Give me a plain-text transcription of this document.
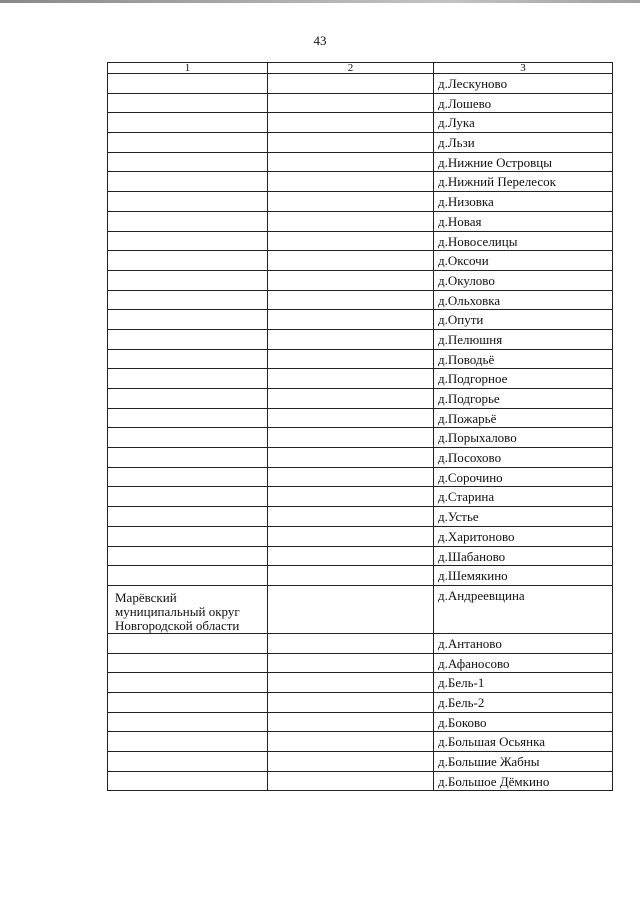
43
1	2	3
		д.Лескуново
		д.Лошево
		д.Лука
		д.Льзи
		д.Нижние Островцы
		д.Нижний Перелесок
		д.Низовка
		д.Новая
		д.Новоселицы
		д.Оксочи
		д.Окулово
		д.Ольховка
		д.Опути
		д.Пелюшня
		д.Поводьё
		д.Подгорное
		д.Подгорье
		д.Пожарьё
		д.Порыхалово
		д.Посохово
		д.Сорочино
		д.Старина
		д.Устье
		д.Харитоново
		д.Шабаново
		д.Шемякино
Марёвский муниципальный округ Новгородской области		д.Андреевщина
		д.Антаново
		д.Афаносово
		д.Бель-1
		д.Бель-2
		д.Боково
		д.Большая Осьянка
		д.Большие Жабны
		д.Большое Дёмкино
